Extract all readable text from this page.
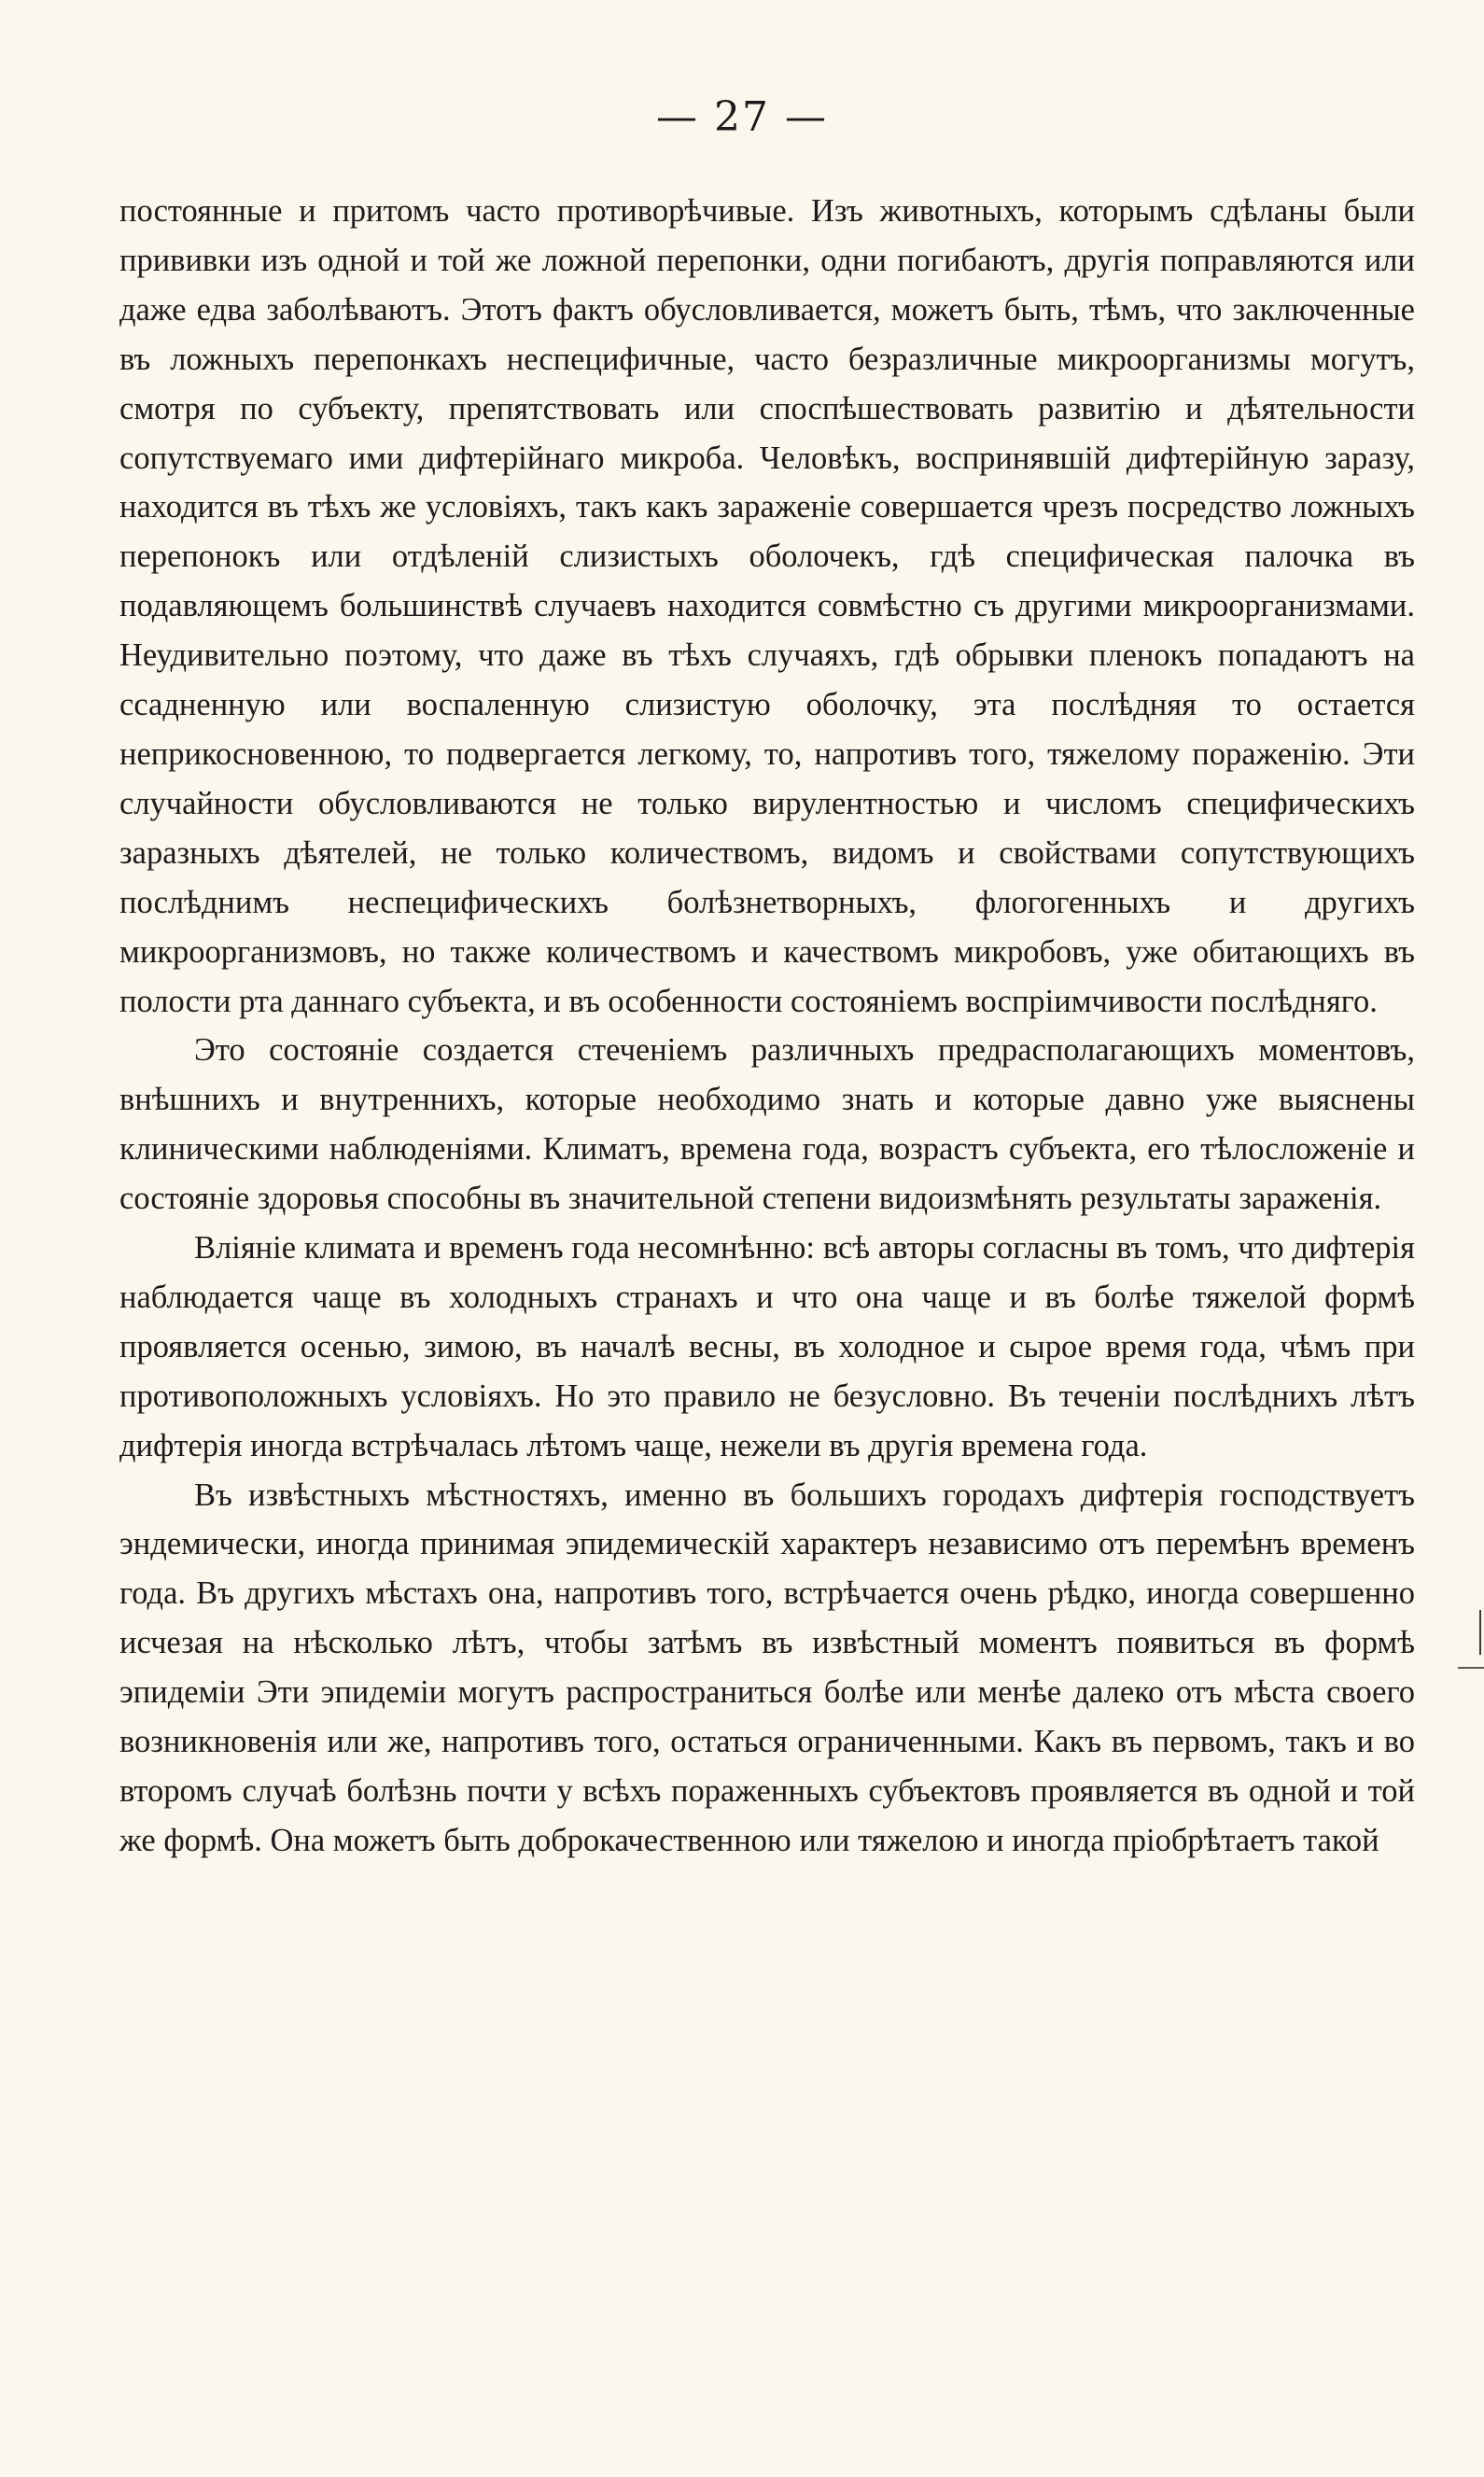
— 27 —

постоянные и притомъ часто противорѣчивые. Изъ животныхъ, которымъ сдѣланы были прививки изъ одной и той же ложной перепонки, одни погибаютъ, другія поправляются или даже едва заболѣваютъ. Этотъ фактъ обусловливается, можетъ быть, тѣмъ, что заключенные въ ложныхъ перепонкахъ неспецифичные, часто безразличные микроорганизмы могутъ, смотря по субъекту, препятствовать или споспѣшествовать развитію и дѣятельности сопутствуемаго ими дифтерійнаго микроба. Человѣкъ, воспринявшій дифтерійную заразу, находится въ тѣхъ же условіяхъ, такъ какъ зараженіе совершается чрезъ посредство ложныхъ перепонокъ или отдѣленій слизистыхъ оболочекъ, гдѣ специфическая палочка въ подавляющемъ большинствѣ случаевъ находится совмѣстно съ другими микроорганизмами. Неудивительно поэтому, что даже въ тѣхъ случаяхъ, гдѣ обрывки пленокъ попадаютъ на ссадненную или воспаленную слизистую оболочку, эта послѣдняя то остается неприкосновенною, то подвергается легкому, то, напротивъ того, тяжелому пораженію. Эти случайности обусловливаются не только вирулентностью и числомъ специфическихъ заразныхъ дѣятелей, не только количествомъ, видомъ и свойствами сопутствующихъ послѣднимъ неспецифическихъ болѣзнетворныхъ, флогогенныхъ и другихъ микроорганизмовъ, но также количествомъ и качествомъ микробовъ, уже обитающихъ въ полости рта даннаго субъекта, и въ особенности состояніемъ воспріимчивости послѣдняго.

Это состояніе создается стеченіемъ различныхъ предрасполагающихъ моментовъ, внѣшнихъ и внутреннихъ, которые необходимо знать и которые давно уже выяснены клиническими наблюденіями. Климатъ, времена года, возрастъ субъекта, его тѣлосложеніе и состояніе здоровья способны въ значительной степени видоизмѣнять результаты зараженія.

Вліяніе климата и временъ года несомнѣнно: всѣ авторы согласны въ томъ, что дифтерія наблюдается чаще въ холодныхъ странахъ и что она чаще и въ болѣе тяжелой формѣ проявляется осенью, зимою, въ началѣ весны, въ холодное и сырое время года, чѣмъ при противоположныхъ условіяхъ. Но это правило не безусловно. Въ теченіи послѣднихъ лѣтъ дифтерія иногда встрѣчалась лѣтомъ чаще, нежели въ другія времена года.

Въ извѣстныхъ мѣстностяхъ, именно въ большихъ городахъ дифтерія господствуетъ эндемически, иногда принимая эпидемическій характеръ независимо отъ перемѣнъ временъ года. Въ другихъ мѣстахъ она, напротивъ того, встрѣчается очень рѣдко, иногда совершенно исчезая на нѣсколько лѣтъ, чтобы затѣмъ въ извѣстный моментъ появиться въ формѣ эпидеміи Эти эпидеміи могутъ распространиться болѣе или менѣе далеко отъ мѣста своего возникновенія или же, напротивъ того, остаться ограниченными. Какъ въ первомъ, такъ и во второмъ случаѣ болѣзнь почти у всѣхъ пораженныхъ субъектовъ проявляется въ одной и той же формѣ. Она можетъ быть доброкачественною или тяжелою и иногда пріобрѣтаетъ такой
